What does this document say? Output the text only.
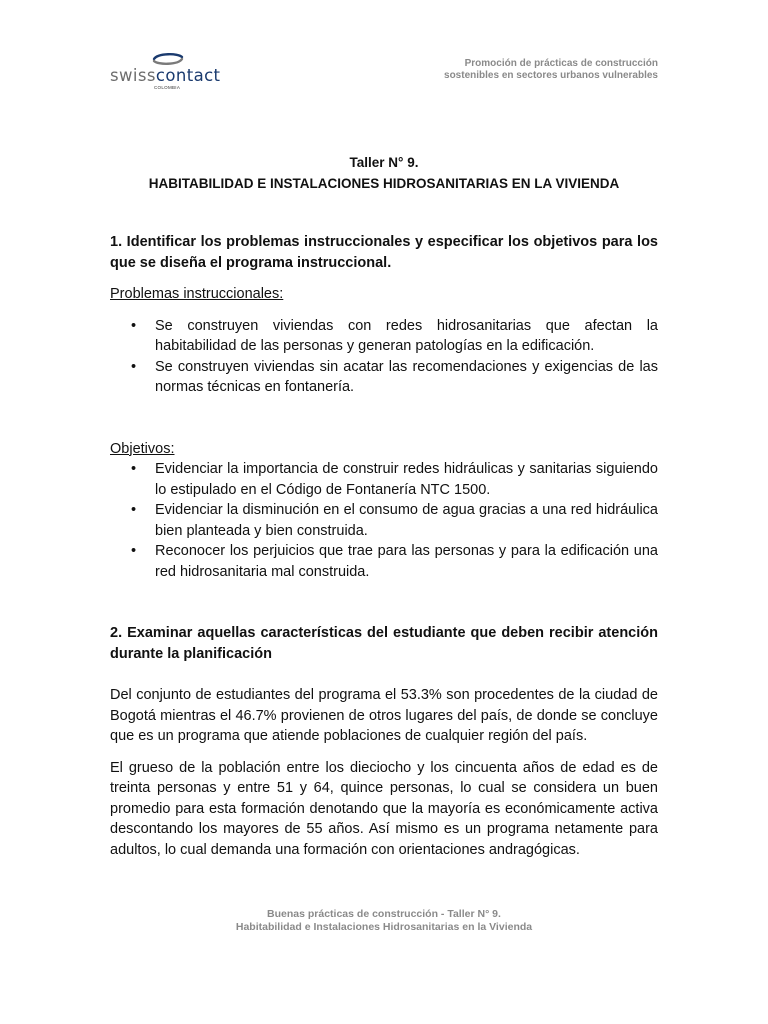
swisscontact
COLOMBIA
Promoción de prácticas de construcción
sostenibles en sectores urbanos vulnerables
Taller N° 9.
HABITABILIDAD E INSTALACIONES HIDROSANITARIAS EN LA VIVIENDA
1. Identificar los problemas instruccionales y especificar los objetivos para los que se diseña el programa instruccional.

Problemas instruccionales:

• Se construyen viviendas con redes hidrosanitarias que afectan la habitabilidad de las personas y generan patologías en la edificación.
• Se construyen viviendas sin acatar las recomendaciones y exigencias de las normas técnicas en fontanería.

Objetivos:

• Evidenciar la importancia de construir redes hidráulicas y sanitarias siguiendo lo estipulado en el Código de Fontanería NTC 1500.
• Evidenciar la disminución en el consumo de agua gracias a una red hidráulica bien planteada y bien construida.
• Reconocer los perjuicios que trae para las personas y para la edificación una red hidrosanitaria mal construida.
2. Examinar aquellas características del estudiante que deben recibir atención durante la planificación

Del conjunto de estudiantes del programa el 53.3% son procedentes de la ciudad de Bogotá mientras el 46.7% provienen de otros lugares del país, de donde se concluye que es un programa que atiende poblaciones de cualquier región del país.

El grueso de la población entre los dieciocho y los cincuenta años de edad es de treinta personas y entre 51 y 64, quince personas, lo cual se considera un buen promedio para esta formación denotando que la mayoría es económicamente activa descontando los mayores de 55 años. Así mismo es un programa netamente para adultos, lo cual demanda una formación con orientaciones andragógicas.

Buenas prácticas de construcción - Taller N° 9.
Habitabilidad e Instalaciones Hidrosanitarias en la Vivienda
